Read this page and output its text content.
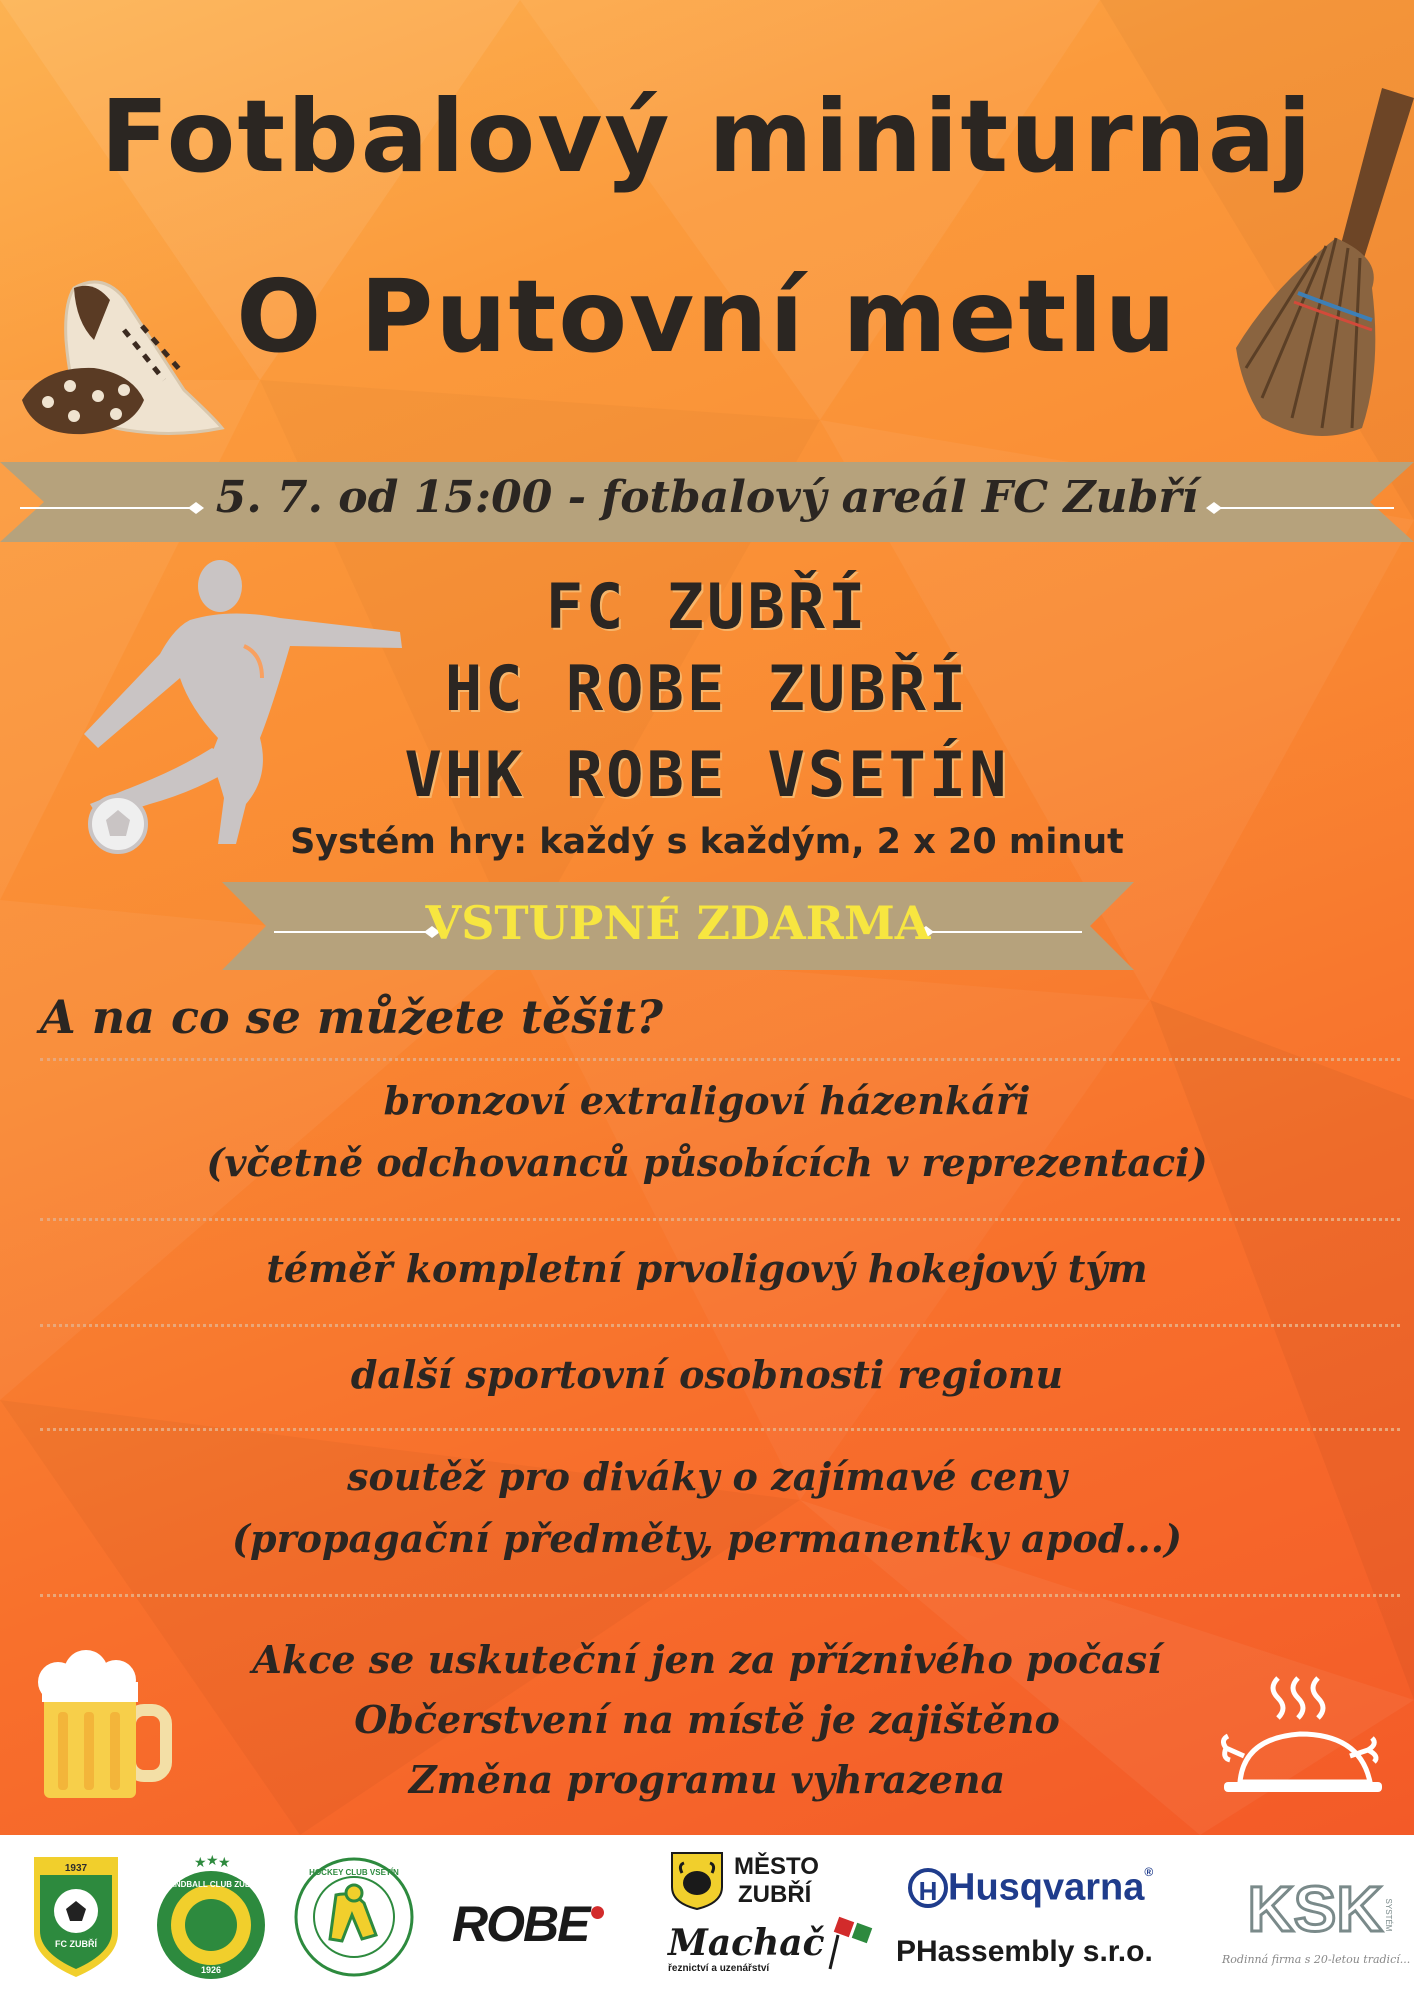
Fotbalový miniturnaj
O Putovní metlu
5. 7. od 15:00 - fotbalový areál FC Zubří
FC ZUBŘÍ
HC ROBE ZUBŘÍ
VHK ROBE VSETÍN
Systém hry: každý s každým, 2 x 20 minut
VSTUPNÉ ZDARMA
A na co se můžete těšit?
bronzoví extraligoví házenkáři
(včetně odchovanců působících v reprezentaci)
téměř kompletní prvoligový hokejový tým
další sportovní osobnosti regionu
soutěž pro diváky o zajímavé ceny
(propagační předměty, permanentky apod...)
Akce se uskuteční jen za příznivého počasí
Občerstvení na místě je zajištěno
Změna programu vyhrazena
1937
FC ZUBŘÍ
★ ★ ★
HANDBALL CLUB ZUBŘÍ
1926
HOCKEY CLUB VSETÍN
ROBE●
MĚSTO
ZUBŘÍ
Machač
řeznictví a uzenářství
H Husqvarna®
PHassembly s.r.o.
KSK SYSTÉM
Rodinná firma s 20-letou tradicí...
